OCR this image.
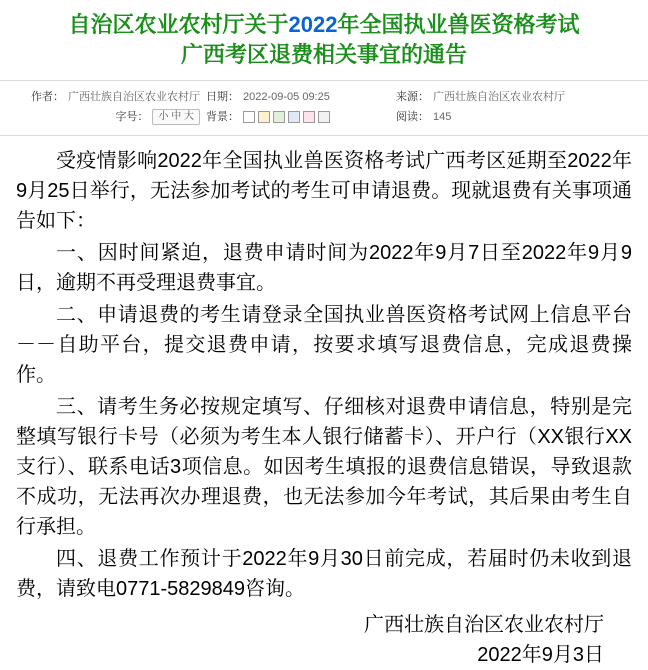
自治区农业农村厅关于2022年全国执业兽医资格考试
广西考区退费相关事宜的通告
作者： 广西壮族自治区农业农村厅 日期： 2022-09-05 09:25	来源： 广西壮族自治区农业农村厅
字号：	小 中 大	背景：	阅读： 145

受疫情影响2022年全国执业兽医资格考试广西考区延期至2022年9月25日举行，无法参加考试的考生可申请退费。现就退费有关事项通告如下：

一、因时间紧迫，退费申请时间为2022年9月7日至2022年9月9日，逾期不再受理退费事宜。

二、申请退费的考生请登录全国执业兽医资格考试网上信息平台－－自助平台，提交退费申请，按要求填写退费信息，完成退费操作。

三、请考生务必按规定填写、仔细核对退费申请信息，特别是完整填写银行卡号（必须为考生本人银行储蓄卡）、开户行（XX银行XX支行）、联系电话3项信息。如因考生填报的退费信息错误，导致退款不成功，无法再次办理退费，也无法参加今年考试，其后果由考生自行承担。

四、退费工作预计于2022年9月30日前完成，若届时仍未收到退费，请致电0771-5829849咨询。

广西壮族自治区农业农村厅
2022年9月3日
